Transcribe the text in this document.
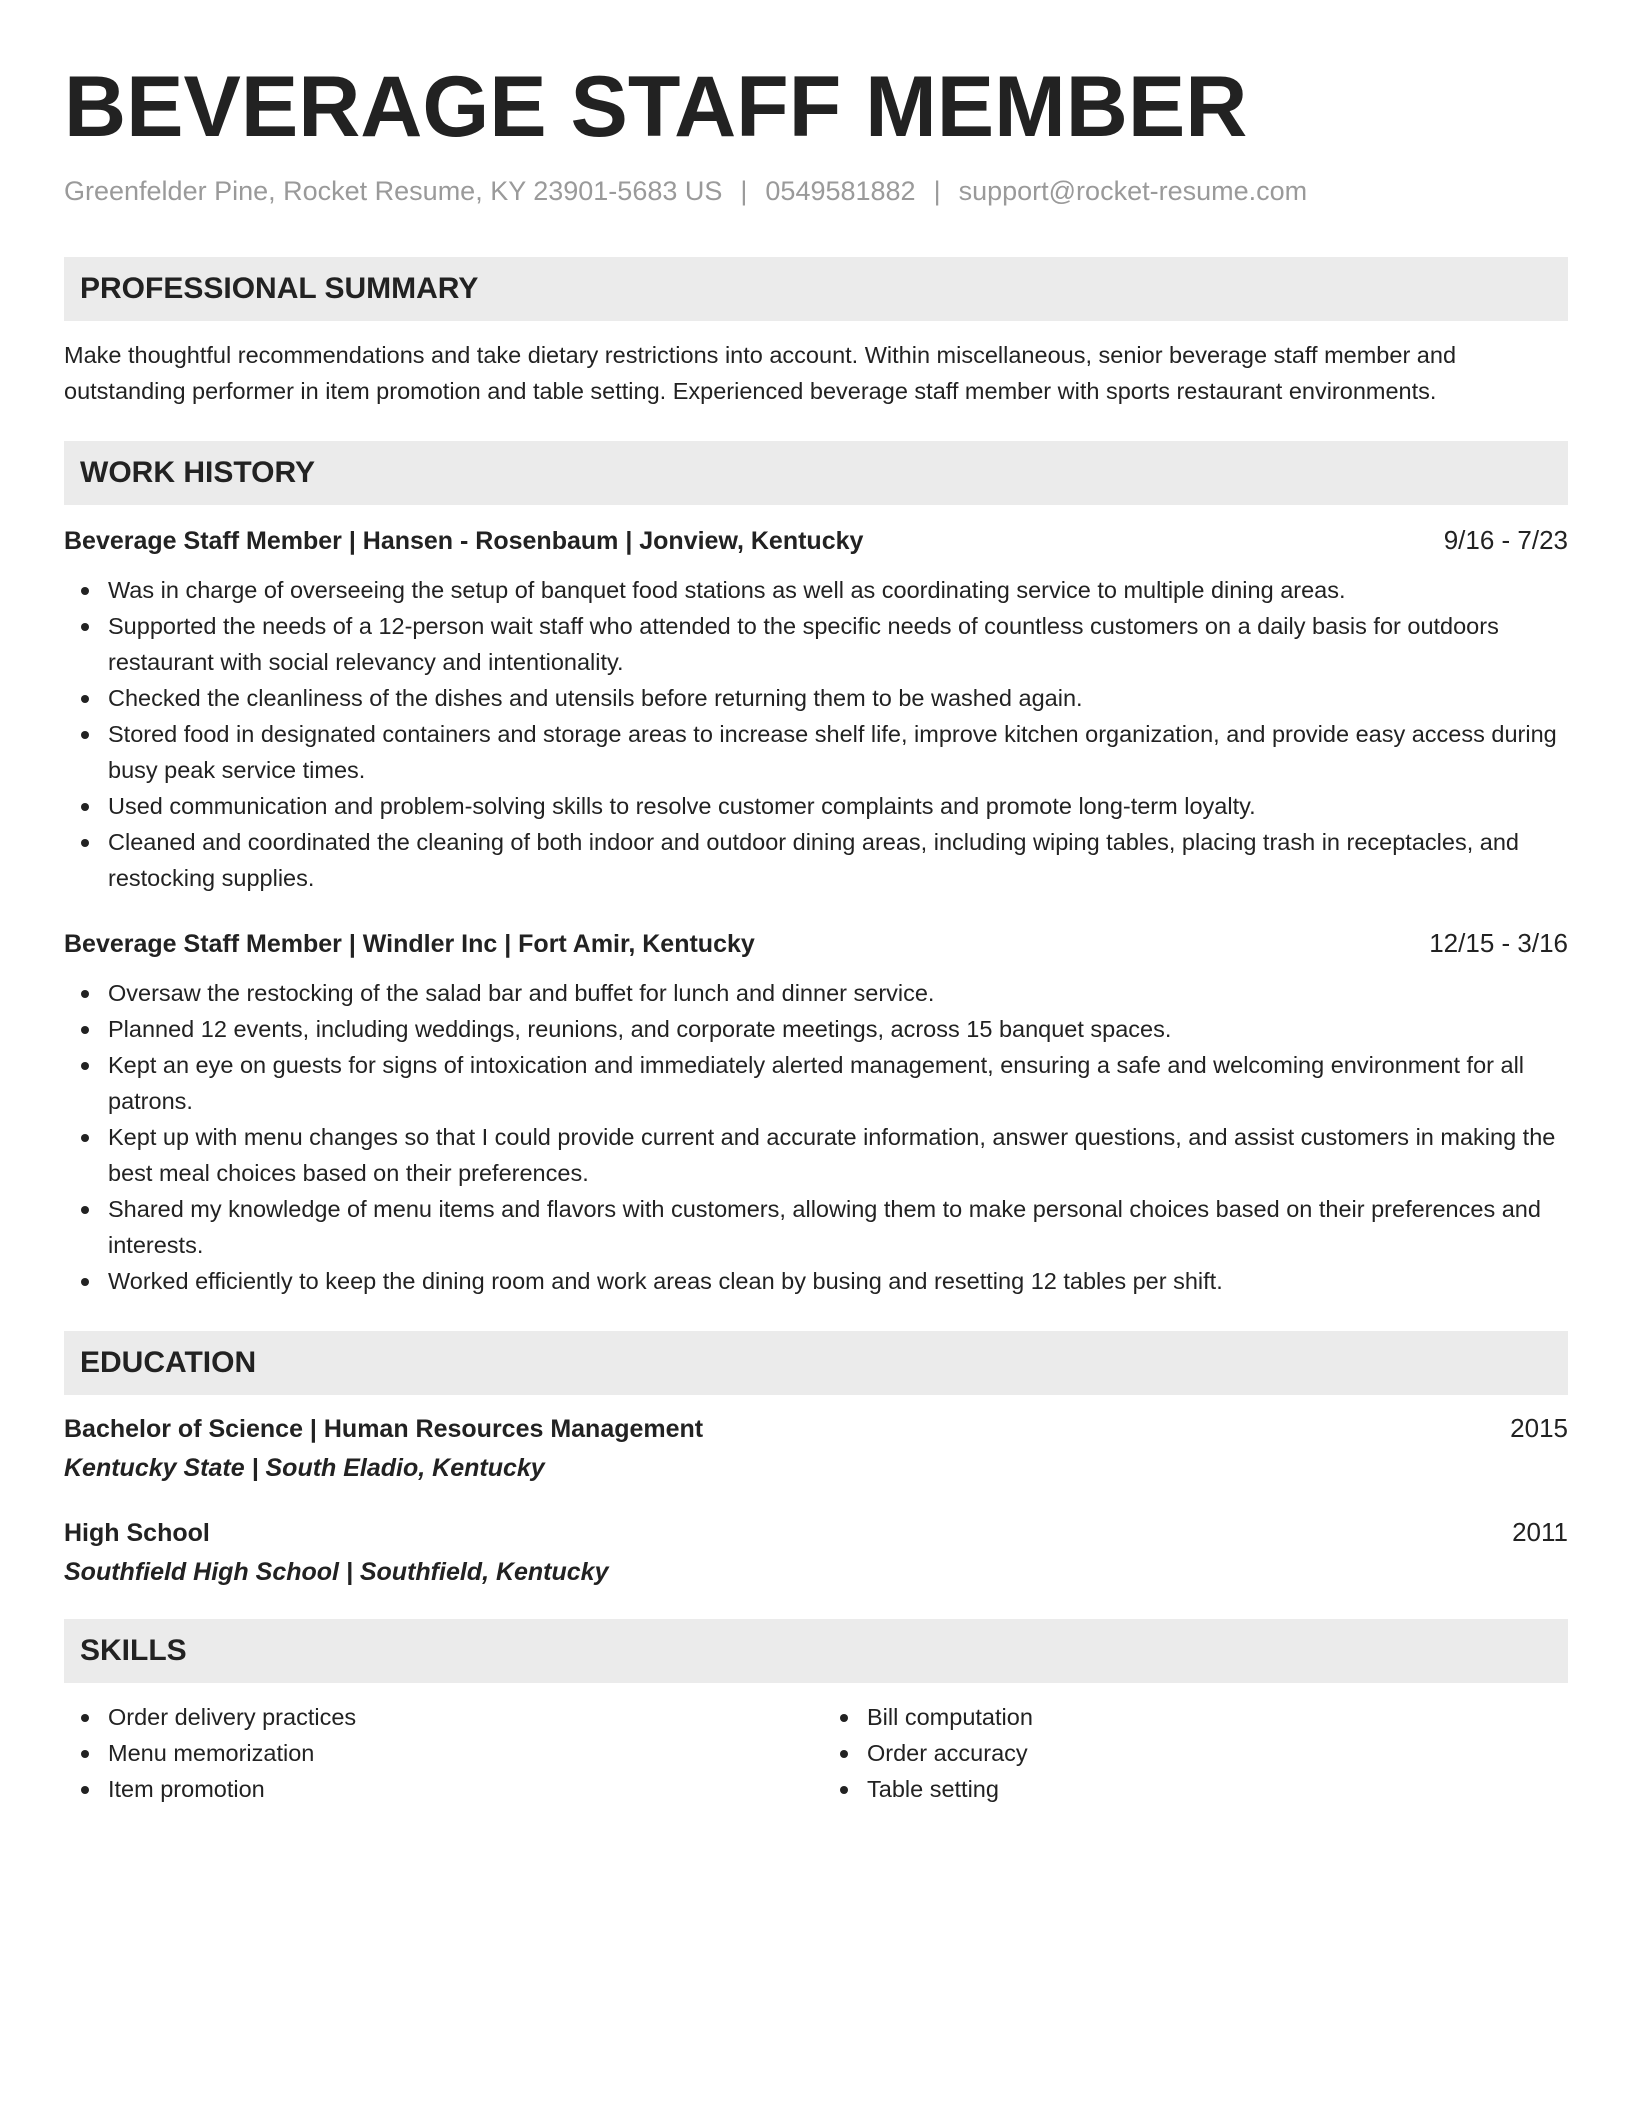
BEVERAGE STAFF MEMBER
Greenfelder Pine, Rocket Resume, KY 23901-5683 US | 0549581882 | support@rocket-resume.com
PROFESSIONAL SUMMARY
Make thoughtful recommendations and take dietary restrictions into account. Within miscellaneous, senior beverage staff member and outstanding performer in item promotion and table setting. Experienced beverage staff member with sports restaurant environments.
WORK HISTORY
Beverage Staff Member | Hansen - Rosenbaum | Jonview, Kentucky	9/16 - 7/23
Was in charge of overseeing the setup of banquet food stations as well as coordinating service to multiple dining areas.
Supported the needs of a 12-person wait staff who attended to the specific needs of countless customers on a daily basis for outdoors restaurant with social relevancy and intentionality.
Checked the cleanliness of the dishes and utensils before returning them to be washed again.
Stored food in designated containers and storage areas to increase shelf life, improve kitchen organization, and provide easy access during busy peak service times.
Used communication and problem-solving skills to resolve customer complaints and promote long-term loyalty.
Cleaned and coordinated the cleaning of both indoor and outdoor dining areas, including wiping tables, placing trash in receptacles, and restocking supplies.
Beverage Staff Member | Windler Inc | Fort Amir, Kentucky	12/15 - 3/16
Oversaw the restocking of the salad bar and buffet for lunch and dinner service.
Planned 12 events, including weddings, reunions, and corporate meetings, across 15 banquet spaces.
Kept an eye on guests for signs of intoxication and immediately alerted management, ensuring a safe and welcoming environment for all patrons.
Kept up with menu changes so that I could provide current and accurate information, answer questions, and assist customers in making the best meal choices based on their preferences.
Shared my knowledge of menu items and flavors with customers, allowing them to make personal choices based on their preferences and interests.
Worked efficiently to keep the dining room and work areas clean by busing and resetting 12 tables per shift.
EDUCATION
Bachelor of Science | Human Resources Management	2015
Kentucky State | South Eladio, Kentucky
High School	2011
Southfield High School | Southfield, Kentucky
SKILLS
Order delivery practices
Menu memorization
Item promotion
Bill computation
Order accuracy
Table setting
